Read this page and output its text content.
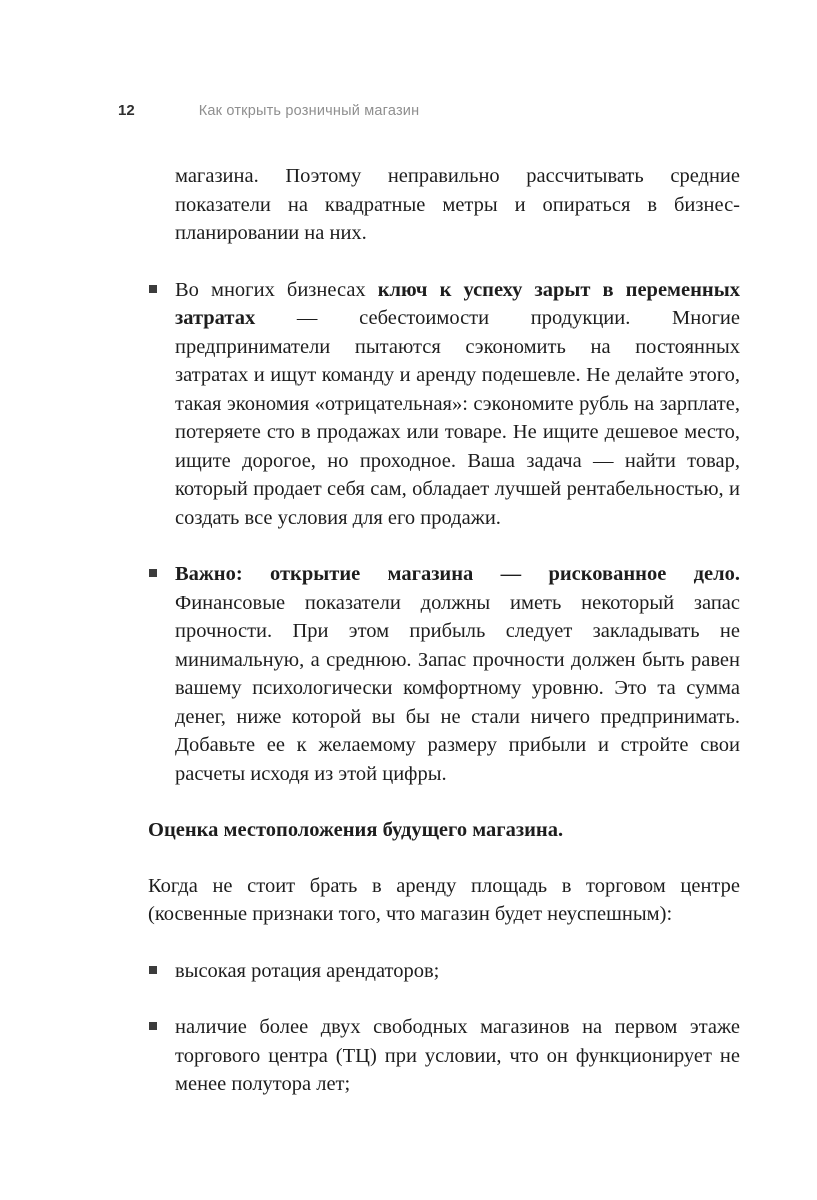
12	Как открыть розничный магазин

магазина. Поэтому неправильно рассчитывать средние показатели на квадратные метры и опираться в бизнес-планировании на них.

Во многих бизнесах ключ к успеху зарыт в переменных затратах — себестоимости продукции. Многие предприниматели пытаются сэкономить на постоянных затратах и ищут команду и аренду подешевле. Не делайте этого, такая экономия «отрицательная»: сэкономите рубль на зарплате, потеряете сто в продажах или товаре. Не ищите дешевое место, ищите дорогое, но проходное. Ваша задача — найти товар, который продает себя сам, обладает лучшей рентабельностью, и создать все условия для его продажи.
Важно: открытие магазина — рискованное дело. Финансовые показатели должны иметь некоторый запас прочности. При этом прибыль следует закладывать не минимальную, а среднюю. Запас прочности должен быть равен вашему психологически комфортному уровню. Это та сумма денег, ниже которой вы бы не стали ничего предпринимать. Добавьте ее к желаемому размеру прибыли и стройте свои расчеты исходя из этой цифры.
Оценка местоположения будущего магазина.

Когда не стоит брать в аренду площадь в торговом центре (косвенные признаки того, что магазин будет неуспешным):

высокая ротация арендаторов;
наличие более двух свободных магазинов на первом этаже торгового центра (ТЦ) при условии, что он функционирует не менее полутора лет;
